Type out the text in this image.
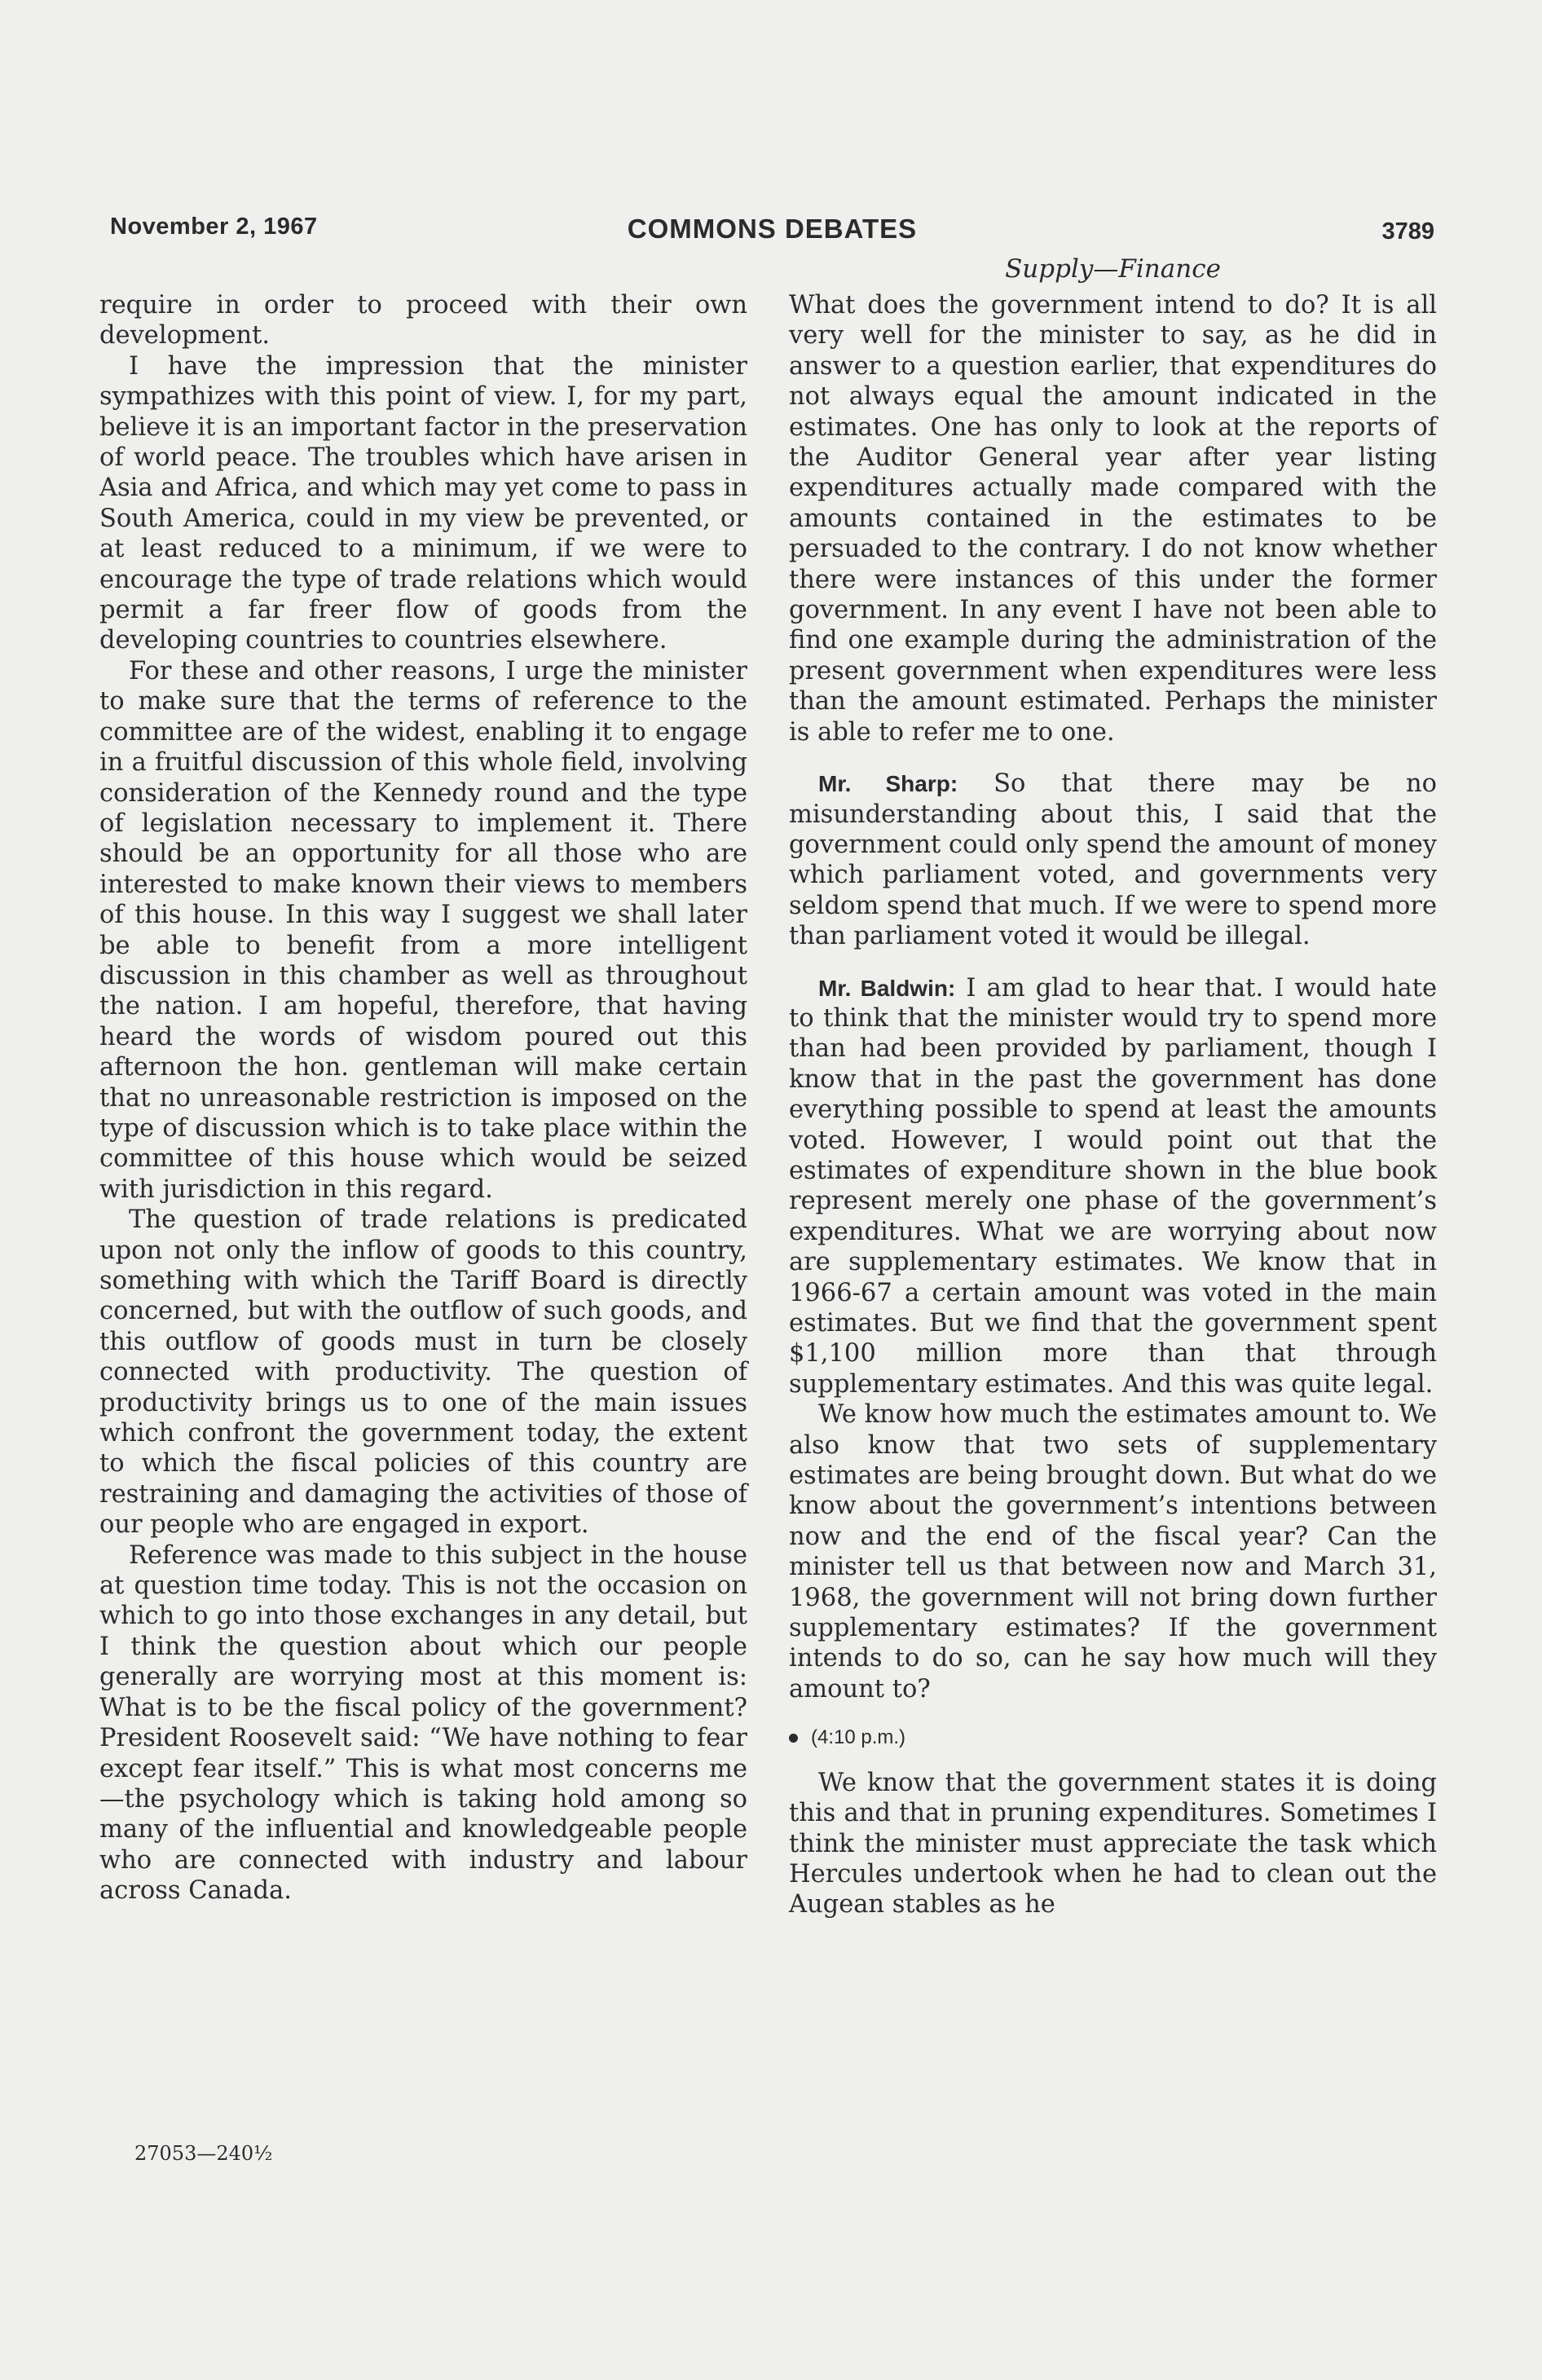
November 2, 1967	COMMONS DEBATES	3789
Supply—Finance

require in order to proceed with their own development.

I have the impression that the minister sympathizes with this point of view. I, for my part, believe it is an important factor in the preservation of world peace. The troubles which have arisen in Asia and Africa, and which may yet come to pass in South America, could in my view be prevented, or at least reduced to a minimum, if we were to encourage the type of trade relations which would permit a far freer flow of goods from the developing countries to countries elsewhere.

For these and other reasons, I urge the minister to make sure that the terms of reference to the committee are of the widest, enabling it to engage in a fruitful discussion of this whole field, involving consideration of the Kennedy round and the type of legislation necessary to implement it. There should be an opportunity for all those who are interested to make known their views to members of this house. In this way I suggest we shall later be able to benefit from a more intelligent discussion in this chamber as well as throughout the nation. I am hopeful, therefore, that having heard the words of wisdom poured out this afternoon the hon. gentleman will make certain that no unreasonable restriction is imposed on the type of discussion which is to take place within the committee of this house which would be seized with jurisdiction in this regard.

The question of trade relations is predicated upon not only the inflow of goods to this country, something with which the Tariff Board is directly concerned, but with the outflow of such goods, and this outflow of goods must in turn be closely connected with productivity. The question of productivity brings us to one of the main issues which confront the government today, the extent to which the fiscal policies of this country are restraining and damaging the activities of those of our people who are engaged in export.

Reference was made to this subject in the house at question time today. This is not the occasion on which to go into those exchanges in any detail, but I think the question about which our people generally are worrying most at this moment is: What is to be the fiscal policy of the government? President Roosevelt said: “We have nothing to fear except fear itself.” This is what most concerns me—the psychology which is taking hold among so many of the influential and knowledgeable people who are connected with industry and labour across Canada.

27053—240½

What does the government intend to do? It is all very well for the minister to say, as he did in answer to a question earlier, that expenditures do not always equal the amount indicated in the estimates. One has only to look at the reports of the Auditor General year after year listing expenditures actually made compared with the amounts contained in the estimates to be persuaded to the contrary. I do not know whether there were instances of this under the former government. In any event I have not been able to find one example during the administration of the present government when expenditures were less than the amount estimated. Perhaps the minister is able to refer me to one.

Mr. Sharp: So that there may be no misunderstanding about this, I said that the government could only spend the amount of money which parliament voted, and governments very seldom spend that much. If we were to spend more than parliament voted it would be illegal.

Mr. Baldwin: I am glad to hear that. I would hate to think that the minister would try to spend more than had been provided by parliament, though I know that in the past the government has done everything possible to spend at least the amounts voted. However, I would point out that the estimates of expenditure shown in the blue book represent merely one phase of the government’s expenditures. What we are worrying about now are supplementary estimates. We know that in 1966-67 a certain amount was voted in the main estimates. But we find that the government spent $1,100 million more than that through supplementary estimates. And this was quite legal.

We know how much the estimates amount to. We also know that two sets of supplementary estimates are being brought down. But what do we know about the government’s intentions between now and the end of the fiscal year? Can the minister tell us that between now and March 31, 1968, the government will not bring down further supplementary estimates? If the government intends to do so, can he say how much will they amount to?

(4:10 p.m.)

We know that the government states it is doing this and that in pruning expenditures. Sometimes I think the minister must appreciate the task which Hercules undertook when he had to clean out the Augean stables as he
